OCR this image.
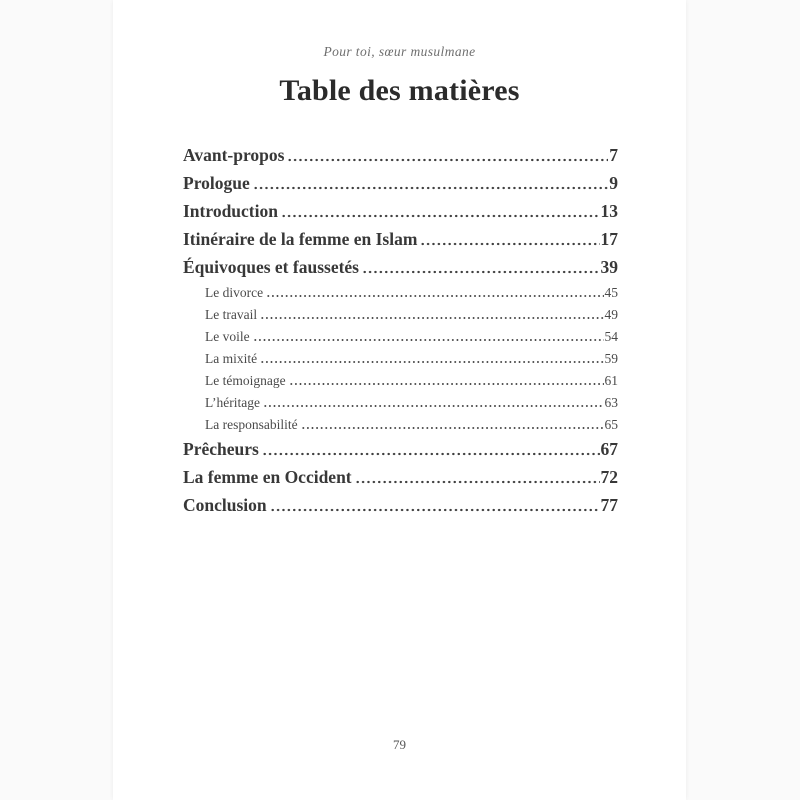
Pour toi, sœur musulmane
Table des matières
Avant-propos	7
Prologue	9
Introduction	13
Itinéraire de la femme en Islam	17
Équivoques et faussetés	39
Le divorce	45
Le travail	49
Le voile	54
La mixité	59
Le témoignage	61
L’héritage	63
La responsabilité	65
Prêcheurs	67
La femme en Occident	72
Conclusion	77
79
